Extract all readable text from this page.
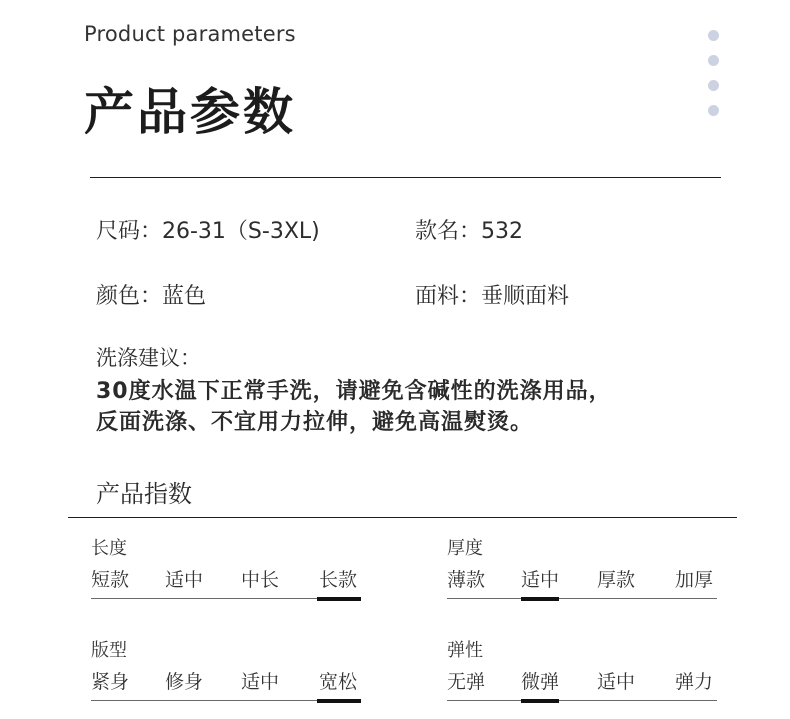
Product parameters
产品参数
尺码：26-31（S-3XL)	款名：532
颜色：蓝色	面料：垂顺面料
洗涤建议：
30度水温下正常手洗，请避免含碱性的洗涤用品，
反面洗涤、不宜用力拉伸，避免高温熨烫。
产品指数
长度
短款 适中 中长 长款
厚度
薄款 适中 厚款 加厚
版型
紧身 修身 适中 宽松
弹性
无弹 微弹 适中 弹力
